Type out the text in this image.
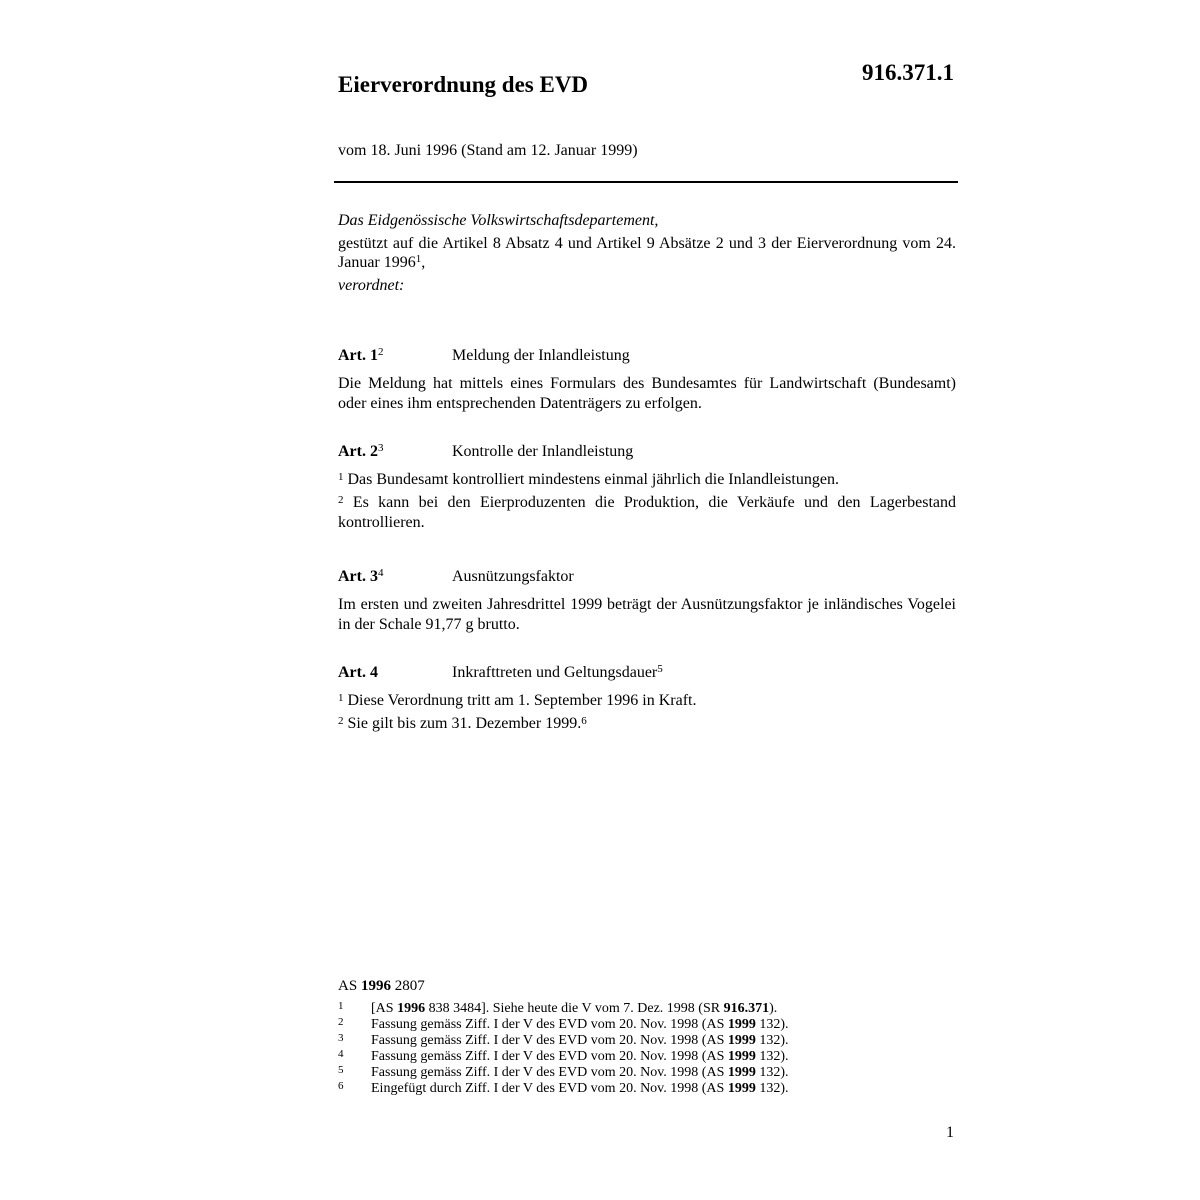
Eierverordnung des EVD	916.371.1
vom 18. Juni 1996 (Stand am 12. Januar 1999)
Das Eidgenössische Volkswirtschaftsdepartement,
gestützt auf die Artikel 8 Absatz 4 und Artikel 9 Absätze 2 und 3 der Eierverordnung vom 24. Januar 1996$^1$,
verordnet:
Art. $1^2$	Meldung der Inlandleistung
Die Meldung hat mittels eines Formulars des Bundesamtes für Landwirtschaft (Bundesamt) oder eines ihm entsprechenden Datenträgers zu erfolgen.
Art. $2^3$	Kontrolle der Inlandleistung
$^1$ Das Bundesamt kontrolliert mindestens einmal jährlich die Inlandleistungen.
$^2$ Es kann bei den Eierproduzenten die Produktion, die Verkäufe und den Lagerbestand kontrollieren.
Art. $3^4$	Ausnützungsfaktor
Im ersten und zweiten Jahresdrittel 1999 beträgt der Ausnützungsfaktor je inländisches Vogelei in der Schale 91,77 g brutto.
Art. 4	Inkrafttreten und Geltungsdauer$^5$
$^1$ Diese Verordnung tritt am 1. September 1996 in Kraft.
$^2$ Sie gilt bis zum 31. Dezember 1999.$^6$
AS 1996 2807
1 [AS 1996 838 3484]. Siehe heute die V vom 7. Dez. 1998 (SR 916.371).
2 Fassung gemäss Ziff. I der V des EVD vom 20. Nov. 1998 (AS 1999 132).
3 Fassung gemäss Ziff. I der V des EVD vom 20. Nov. 1998 (AS 1999 132).
4 Fassung gemäss Ziff. I der V des EVD vom 20. Nov. 1998 (AS 1999 132).
5 Fassung gemäss Ziff. I der V des EVD vom 20. Nov. 1998 (AS 1999 132).
6 Eingefügt durch Ziff. I der V des EVD vom 20. Nov. 1998 (AS 1999 132).
1
